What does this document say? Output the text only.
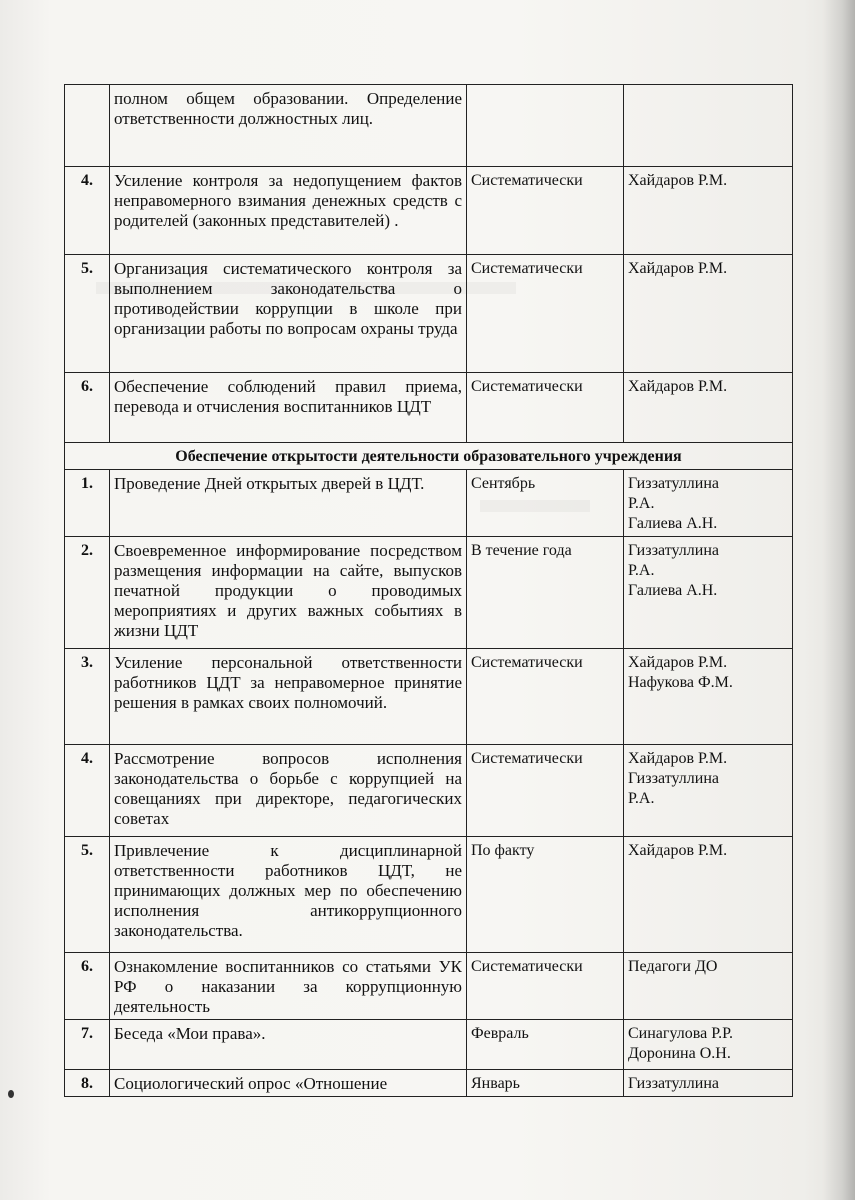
	полном общем образовании. Определение ответственности должностных лиц.		
4.	Усиление контроля за недопущением фактов неправомерного взимания денежных средств с родителей (законных представителей) .	Систематически	Хайдаров Р.М.

5.	Организация систематического контроля за выполнением законодательства о противодействии коррупции в школе при организации работы по вопросам охраны труда	Систематически	Хайдаров Р.М.

6.	Обеспечение соблюдений правил приема, перевода и отчисления воспитанников ЦДТ	Систематически	Хайдаров Р.М.

Обеспечение открытости деятельности образовательного учреждения			
1.	Проведение Дней открытых дверей в ЦДТ.	Сентябрь	Гиззатуллина
Р.А.
Галиева А.Н.

2.	Своевременное информирование посредством размещения информации на сайте, выпусков печатной продукции о проводимых мероприятиях и других важных событиях в жизни ЦДТ	В течение года	Гиззатуллина
Р.А.
Галиева А.Н.

3.	Усиление персональной ответственности работников ЦДТ за неправомерное принятие решения в рамках своих полномочий.	Систематически	Хайдаров Р.М.
Нафукова Ф.М.

4.	Рассмотрение вопросов исполнения законодательства о борьбе с коррупцией на совещаниях при директоре, педагогических советах	Систематически	Хайдаров Р.М.
Гиззатуллина
Р.А.

5.	Привлечение к дисциплинарной ответственности работников ЦДТ, не принимающих должных мер по обеспечению исполнения антикоррупционного законодательства.	По факту	Хайдаров Р.М.

6.	Ознакомление воспитанников со статьями УК РФ о наказании за коррупционную деятельность	Систематически	Педагоги ДО

7.	Беседа «Мои права».	Февраль	Синагулова Р.Р.
Доронина О.Н.

8.	Социологический опрос «Отношение	Январь	Гиззатуллина
